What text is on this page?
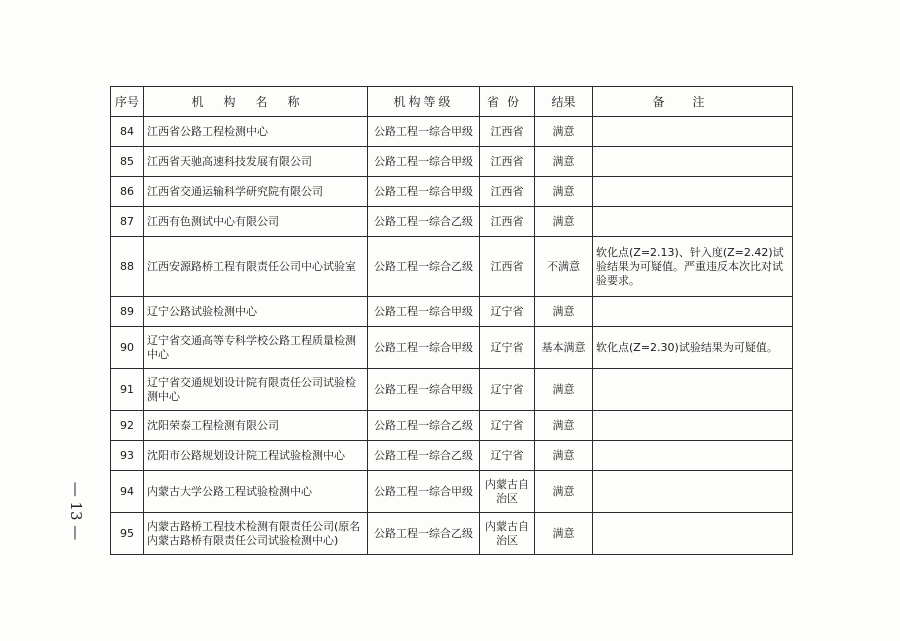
序号	机构名称	机构等级	省份	结果	备注
84	江西省公路工程检测中心	公路工程一综合甲级	江西省	满意	
85	江西省天驰高速科技发展有限公司	公路工程一综合甲级	江西省	满意	
86	江西省交通运输科学研究院有限公司	公路工程一综合甲级	江西省	满意	
87	江西有色测试中心有限公司	公路工程一综合乙级	江西省	满意	
88	江西安源路桥工程有限责任公司中心试验室	公路工程一综合乙级	江西省	不满意	软化点(Z=2.13)、针入度(Z=2.42)试验结果为可疑值。严重违反本次比对试验要求。
89	辽宁公路试验检测中心	公路工程一综合甲级	辽宁省	满意	
90	辽宁省交通高等专科学校公路工程质量检测中心	公路工程一综合甲级	辽宁省	基本满意	软化点(Z=2.30)试验结果为可疑值。
91	辽宁省交通规划设计院有限责任公司试验检测中心	公路工程一综合甲级	辽宁省	满意	
92	沈阳荣泰工程检测有限公司	公路工程一综合乙级	辽宁省	满意	
93	沈阳市公路规划设计院工程试验检测中心	公路工程一综合乙级	辽宁省	满意	
94	内蒙古大学公路工程试验检测中心	公路工程一综合甲级	内蒙古自治区	满意	
95	内蒙古路桥工程技术检测有限责任公司(原名内蒙古路桥有限责任公司试验检测中心)	公路工程一综合乙级	内蒙古自治区	满意	
— 13 —
